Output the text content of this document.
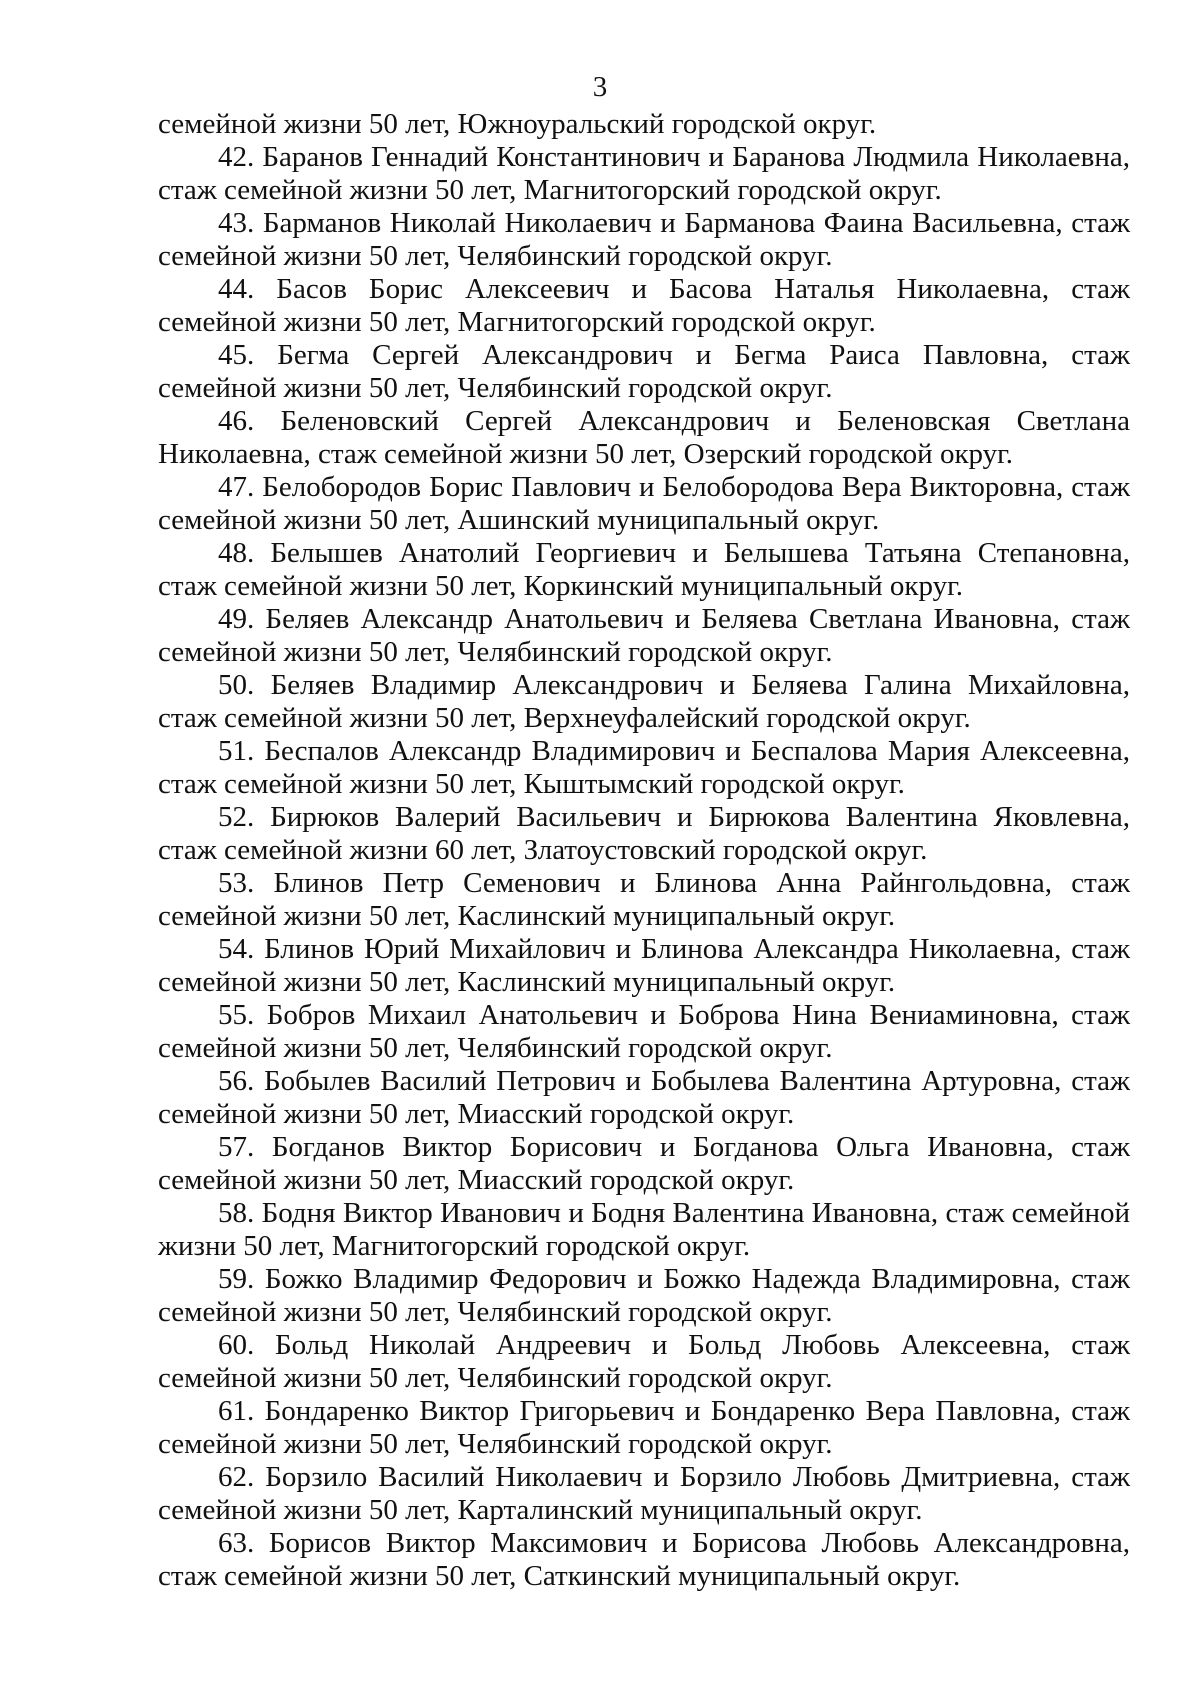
3

семейной жизни 50 лет, Южноуральский городской округ.

42. Баранов Геннадий Константинович и Баранова Людмила Николаевна, стаж семейной жизни 50 лет, Магнитогорский городской округ.

43. Барманов Николай Николаевич и Барманова Фаина Васильевна, стаж семейной жизни 50 лет, Челябинский городской округ.

44. Басов Борис Алексеевич и Басова Наталья Николаевна, стаж семейной жизни 50 лет, Магнитогорский городской округ.

45. Бегма Сергей Александрович и Бегма Раиса Павловна, стаж семейной жизни 50 лет, Челябинский городской округ.

46. Беленовский Сергей Александрович и Беленовская Светлана Николаевна, стаж семейной жизни 50 лет, Озерский городской округ.

47. Белобородов Борис Павлович и Белобородова Вера Викторовна, стаж семейной жизни 50 лет, Ашинский муниципальный округ.

48. Белышев Анатолий Георгиевич и Белышева Татьяна Степановна, стаж семейной жизни 50 лет, Коркинский муниципальный округ.

49. Беляев Александр Анатольевич и Беляева Светлана Ивановна, стаж семейной жизни 50 лет, Челябинский городской округ.

50. Беляев Владимир Александрович и Беляева Галина Михайловна, стаж семейной жизни 50 лет, Верхнеуфалейский городской округ.

51. Беспалов Александр Владимирович и Беспалова Мария Алексеевна, стаж семейной жизни 50 лет, Кыштымский городской округ.

52. Бирюков Валерий Васильевич и Бирюкова Валентина Яковлевна, стаж семейной жизни 60 лет, Златоустовский городской округ.

53. Блинов Петр Семенович и Блинова Анна Райнгольдовна, стаж семейной жизни 50 лет, Каслинский муниципальный округ.

54. Блинов Юрий Михайлович и Блинова Александра Николаевна, стаж семейной жизни 50 лет, Каслинский муниципальный округ.

55. Бобров Михаил Анатольевич и Боброва Нина Вениаминовна, стаж семейной жизни 50 лет, Челябинский городской округ.

56. Бобылев Василий Петрович и Бобылева Валентина Артуровна, стаж семейной жизни 50 лет, Миасский городской округ.

57. Богданов Виктор Борисович и Богданова Ольга Ивановна, стаж семейной жизни 50 лет, Миасский городской округ.

58. Бодня Виктор Иванович и Бодня Валентина Ивановна, стаж семейной жизни 50 лет, Магнитогорский городской округ.

59. Божко Владимир Федорович и Божко Надежда Владимировна, стаж семейной жизни 50 лет, Челябинский городской округ.

60. Больд Николай Андреевич и Больд Любовь Алексеевна, стаж семейной жизни 50 лет, Челябинский городской округ.

61. Бондаренко Виктор Григорьевич и Бондаренко Вера Павловна, стаж семейной жизни 50 лет, Челябинский городской округ.

62. Борзило Василий Николаевич и Борзило Любовь Дмитриевна, стаж семейной жизни 50 лет, Карталинский муниципальный округ.

63. Борисов Виктор Максимович и Борисова Любовь Александровна, стаж семейной жизни 50 лет, Саткинский муниципальный округ.
